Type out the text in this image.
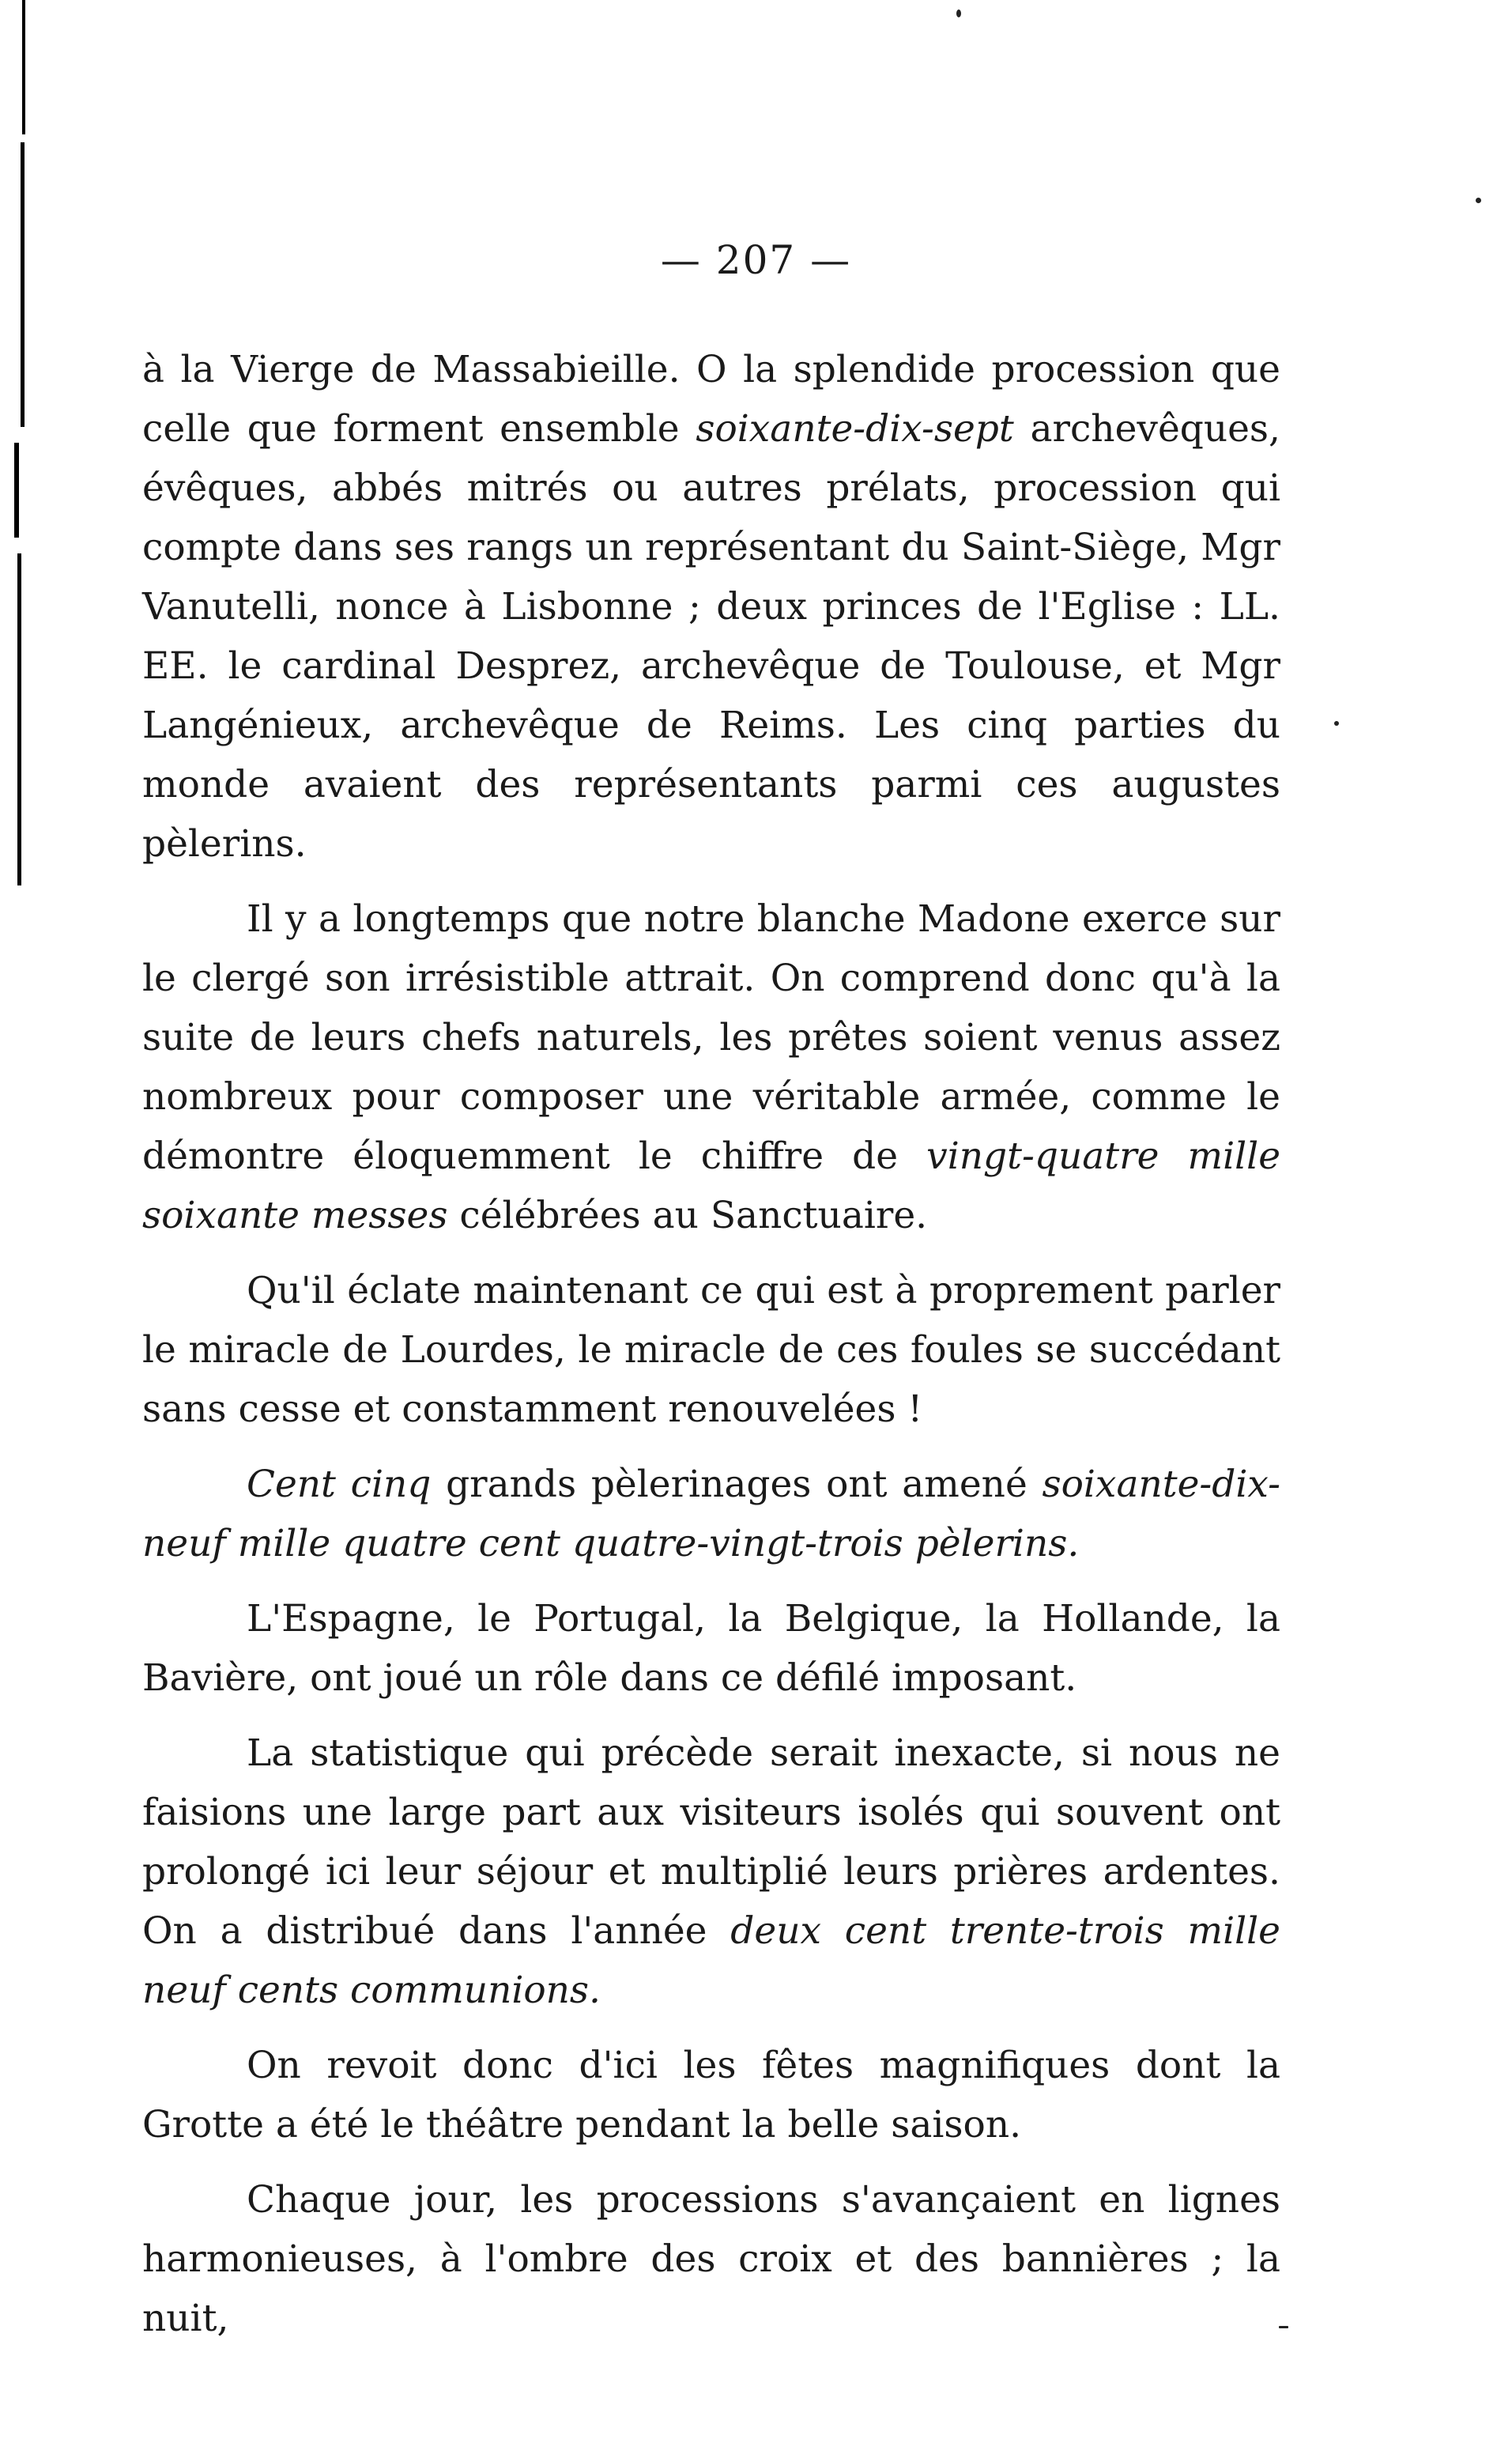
— 207 —

à la Vierge de Massabieille. O la splendide procession que celle que forment ensemble soixante-dix-sept archevêques, évêques, abbés mitrés ou autres prélats, procession qui compte dans ses rangs un représentant du Saint-Siège, Mgr Vanutelli, nonce à Lisbonne ; deux princes de l'Eglise : LL. EE. le cardinal Desprez, archevêque de Toulouse, et Mgr Langénieux, archevêque de Reims. Les cinq parties du monde avaient des représentants parmi ces augustes pèlerins.

Il y a longtemps que notre blanche Madone exerce sur le clergé son irrésistible attrait. On comprend donc qu'à la suite de leurs chefs naturels, les prêtes soient venus assez nombreux pour composer une véritable armée, comme le démontre éloquemment le chiffre de vingt-quatre mille soixante messes célébrées au Sanctuaire.

Qu'il éclate maintenant ce qui est à proprement parler le miracle de Lourdes, le miracle de ces foules se succédant sans cesse et constamment renouvelées !

Cent cinq grands pèlerinages ont amené soixante-dix-neuf mille quatre cent quatre-vingt-trois pèlerins.

L'Espagne, le Portugal, la Belgique, la Hollande, la Bavière, ont joué un rôle dans ce défilé imposant.

La statistique qui précède serait inexacte, si nous ne faisions une large part aux visiteurs isolés qui souvent ont prolongé ici leur séjour et multiplié leurs prières ardentes. On a distribué dans l'année deux cent trente-trois mille neuf cents communions.

On revoit donc d'ici les fêtes magnifiques dont la Grotte a été le théâtre pendant la belle saison.

Chaque jour, les processions s'avançaient en lignes harmonieuses, à l'ombre des croix et des bannières ; la nuit,
